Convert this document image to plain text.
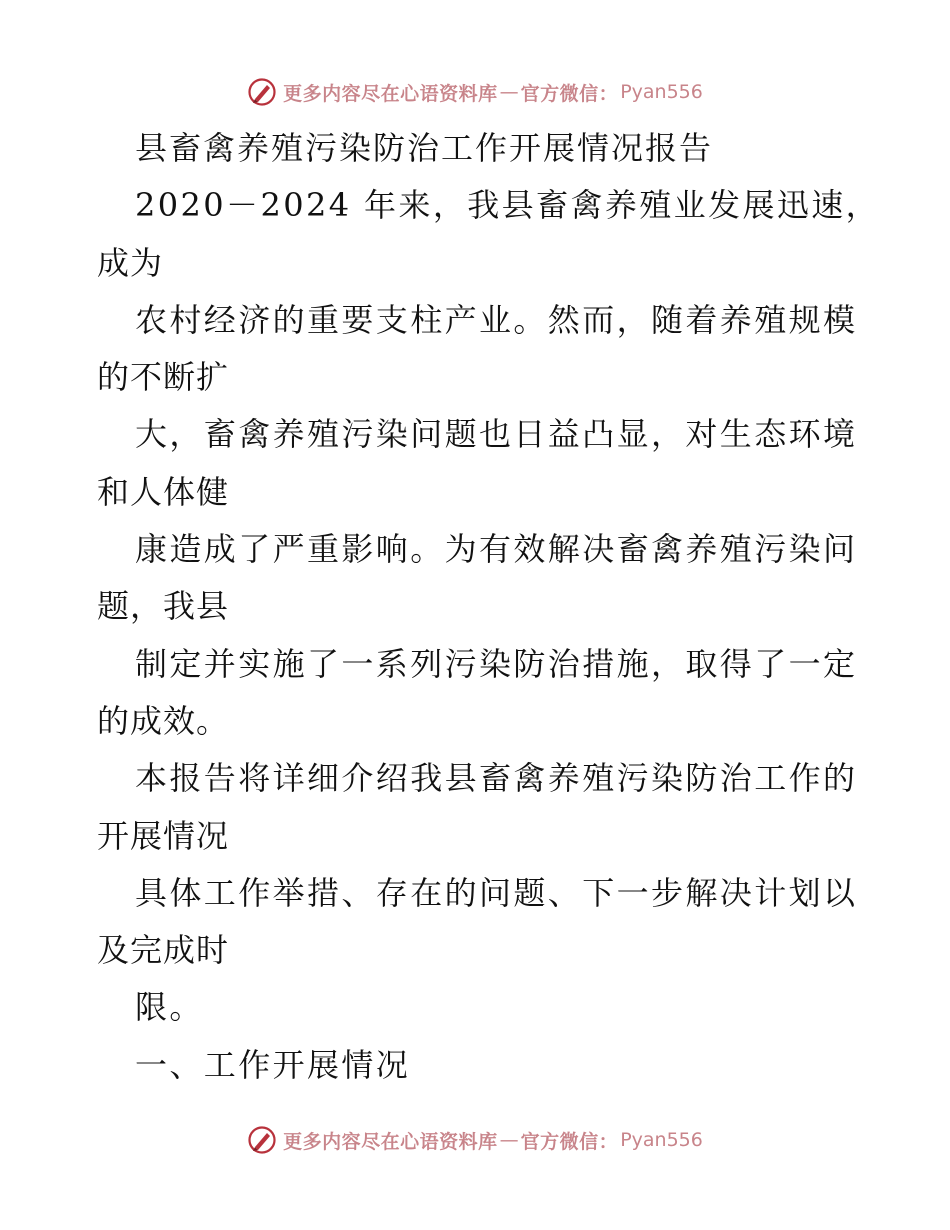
更多内容尽在心语资料库 — 官方微信： Pyan556
县畜禽养殖污染防治工作开展情况报告
2020－2024 年来，我县畜禽养殖业发展迅速，
成为
农村经济的重要支柱产业。然而，随着养殖规模
的不断扩
大，畜禽养殖污染问题也日益凸显，对生态环境
和人体健
康造成了严重影响。为有效解决畜禽养殖污染问
题，我县
制定并实施了一系列污染防治措施，取得了一定
的成效。
本报告将详细介绍我县畜禽养殖污染防治工作的
开展情况
具体工作举措、存在的问题、下一步解决计划以
及完成时
限。
一、工作开展情况
更多内容尽在心语资料库 — 官方微信： Pyan556
